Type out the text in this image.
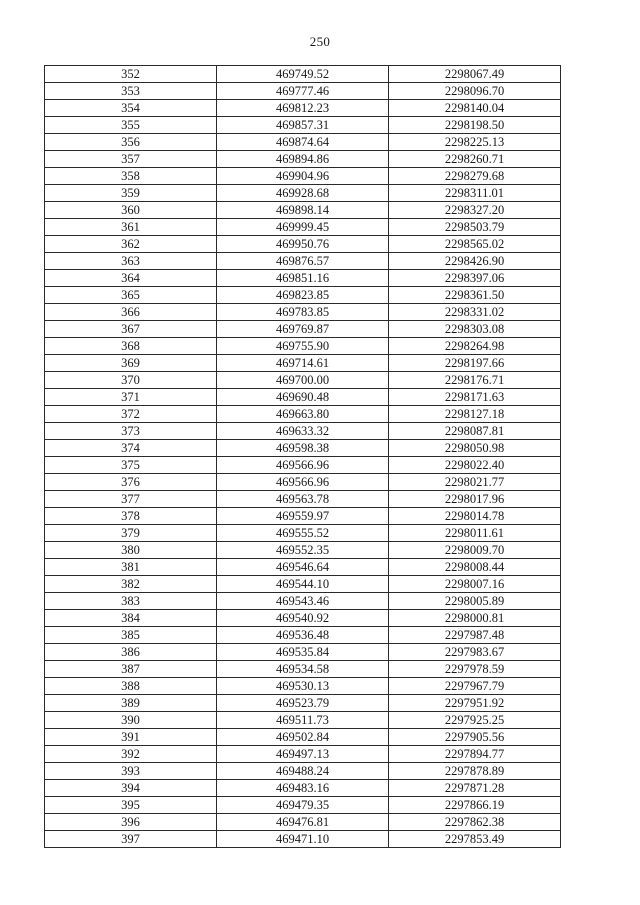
250
352	469749.52	2298067.49
353	469777.46	2298096.70
354	469812.23	2298140.04
355	469857.31	2298198.50
356	469874.64	2298225.13
357	469894.86	2298260.71
358	469904.96	2298279.68
359	469928.68	2298311.01
360	469898.14	2298327.20
361	469999.45	2298503.79
362	469950.76	2298565.02
363	469876.57	2298426.90
364	469851.16	2298397.06
365	469823.85	2298361.50
366	469783.85	2298331.02
367	469769.87	2298303.08
368	469755.90	2298264.98
369	469714.61	2298197.66
370	469700.00	2298176.71
371	469690.48	2298171.63
372	469663.80	2298127.18
373	469633.32	2298087.81
374	469598.38	2298050.98
375	469566.96	2298022.40
376	469566.96	2298021.77
377	469563.78	2298017.96
378	469559.97	2298014.78
379	469555.52	2298011.61
380	469552.35	2298009.70
381	469546.64	2298008.44
382	469544.10	2298007.16
383	469543.46	2298005.89
384	469540.92	2298000.81
385	469536.48	2297987.48
386	469535.84	2297983.67
387	469534.58	2297978.59
388	469530.13	2297967.79
389	469523.79	2297951.92
390	469511.73	2297925.25
391	469502.84	2297905.56
392	469497.13	2297894.77
393	469488.24	2297878.89
394	469483.16	2297871.28
395	469479.35	2297866.19
396	469476.81	2297862.38
397	469471.10	2297853.49
